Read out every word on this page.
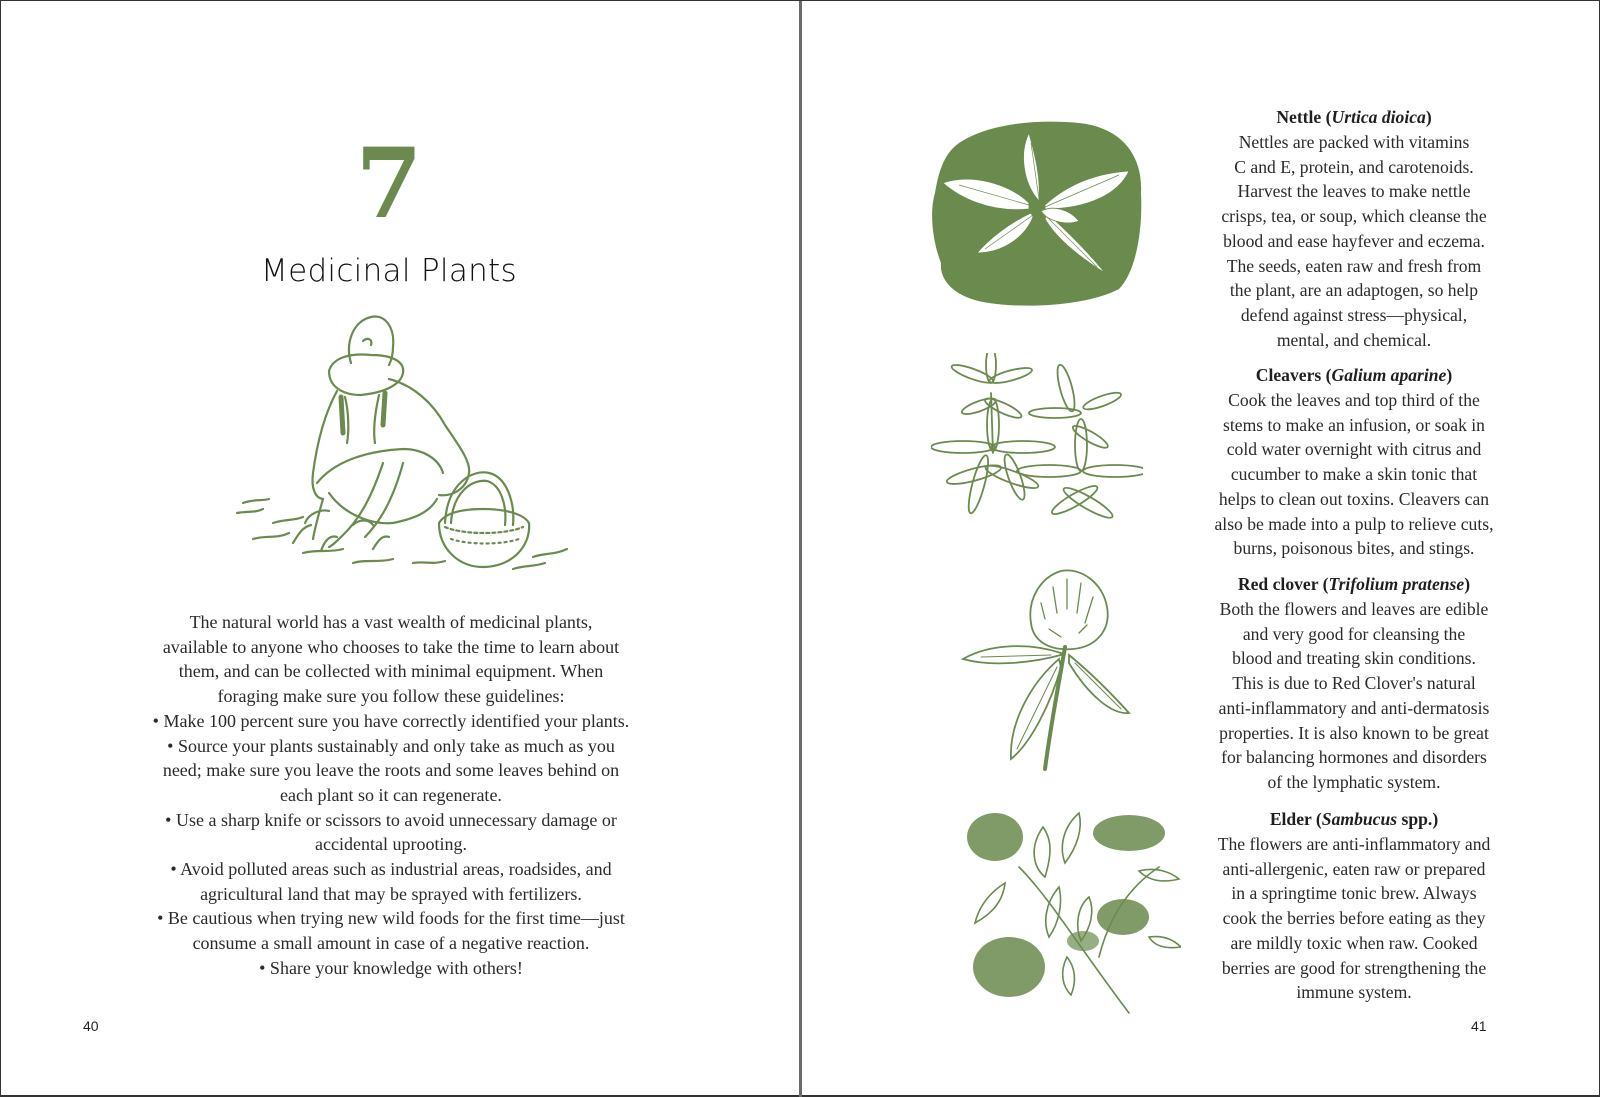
7
Medicinal Plants

The natural world has a vast wealth of medicinal plants,

available to anyone who chooses to take the time to learn about

them, and can be collected with minimal equipment. When

foraging make sure you follow these guidelines:

• Make 100 percent sure you have correctly identified your plants.

• Source your plants sustainably and only take as much as you

need; make sure you leave the roots and some leaves behind on

each plant so it can regenerate.

• Use a sharp knife or scissors to avoid unnecessary damage or

accidental uprooting.

• Avoid polluted areas such as industrial areas, roadsides, and

agricultural land that may be sprayed with fertilizers.

• Be cautious when trying new wild foods for the first time—just

consume a small amount in case of a negative reaction.

• Share your knowledge with others!

40

Nettle (Urtica dioica)

Nettles are packed with vitamins

C and E, protein, and carotenoids.

Harvest the leaves to make nettle

crisps, tea, or soup, which cleanse the

blood and ease hayfever and eczema.

The seeds, eaten raw and fresh from

the plant, are an adaptogen, so help

defend against stress—physical,

mental, and chemical.

Cleavers (Galium aparine)

Cook the leaves and top third of the

stems to make an infusion, or soak in

cold water overnight with citrus and

cucumber to make a skin tonic that

helps to clean out toxins. Cleavers can

also be made into a pulp to relieve cuts,

burns, poisonous bites, and stings.

Red clover (Trifolium pratense)

Both the flowers and leaves are edible

and very good for cleansing the

blood and treating skin conditions.

This is due to Red Clover's natural

anti-inflammatory and anti-dermatosis

properties. It is also known to be great

for balancing hormones and disorders

of the lymphatic system.

Elder (Sambucus spp.)

The flowers are anti-inflammatory and

anti-allergenic, eaten raw or prepared

in a springtime tonic brew. Always

cook the berries before eating as they

are mildly toxic when raw. Cooked

berries are good for strengthening the

immune system.

41
